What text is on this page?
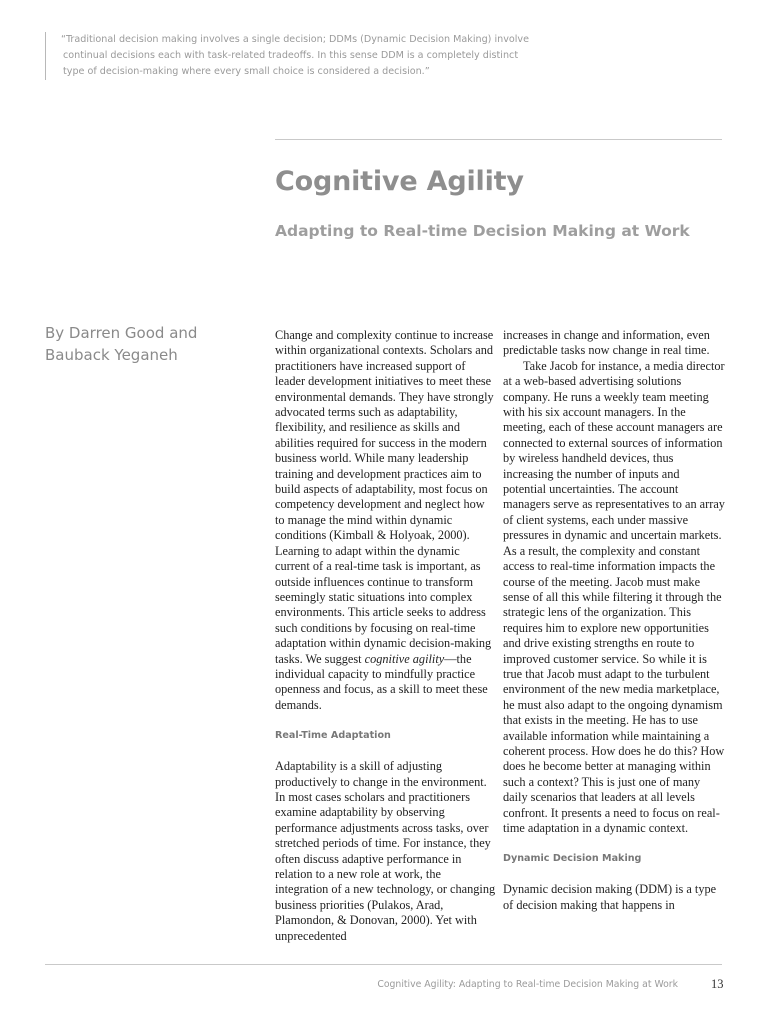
“Traditional decision making involves a single decision; DDMs (Dynamic Decision Making) involve
continual decisions each with task-related tradeoffs. In this sense DDM is a completely distinct
type of decision-making where every small choice is considered a decision.”
Cognitive Agility
Adapting to Real-time Decision Making at Work
By Darren Good and
Bauback Yeganeh

Change and complexity continue to increase within organizational contexts. Scholars and practitioners have increased support of leader development initiatives to meet these environmental demands. They have strongly advocated terms such as adaptability, flexibility, and resilience as skills and abilities required for success in the modern business world. While many leadership training and development practices aim to build aspects of adaptability, most focus on competency development and neglect how to manage the mind within dynamic conditions (Kimball & Holyoak, 2000). Learning to adapt within the dynamic current of a real-time task is important, as outside influences continue to transform seemingly static situations into complex environments. This article seeks to address such conditions by focusing on real-time adaptation within dynamic decision-making tasks. We suggest cognitive agility—the individual capacity to mindfully practice openness and focus, as a skill to meet these demands.

Real-Time Adaptation

Adaptability is a skill of adjusting productively to change in the environment. In most cases scholars and practitioners examine adaptability by observing performance adjustments across tasks, over stretched periods of time. For instance, they often discuss adaptive performance in relation to a new role at work, the integration of a new technology, or changing business priorities (Pulakos, Arad, Plamondon, & Donovan, 2000). Yet with unprecedented

increases in change and information, even predictable tasks now change in real time.

Take Jacob for instance, a media director at a web-based advertising solutions company. He runs a weekly team meeting with his six account managers. In the meeting, each of these account managers are connected to external sources of information by wireless handheld devices, thus increasing the number of inputs and potential uncertainties. The account managers serve as representatives to an array of client systems, each under massive pressures in dynamic and uncertain markets. As a result, the complexity and constant access to real-time information impacts the course of the meeting. Jacob must make sense of all this while filtering it through the strategic lens of the organization. This requires him to explore new opportunities and drive existing strengths en route to improved customer service. So while it is true that Jacob must adapt to the turbulent environment of the new media marketplace, he must also adapt to the ongoing dynamism that exists in the meeting. He has to use available information while maintaining a coherent process. How does he do this? How does he become better at managing within such a context? This is just one of many daily scenarios that leaders at all levels confront. It presents a need to focus on real-time adaptation in a dynamic context.

Dynamic Decision Making

Dynamic decision making (DDM) is a type of decision making that happens in

Cognitive Agility: Adapting to Real-time Decision Making at Work	13
